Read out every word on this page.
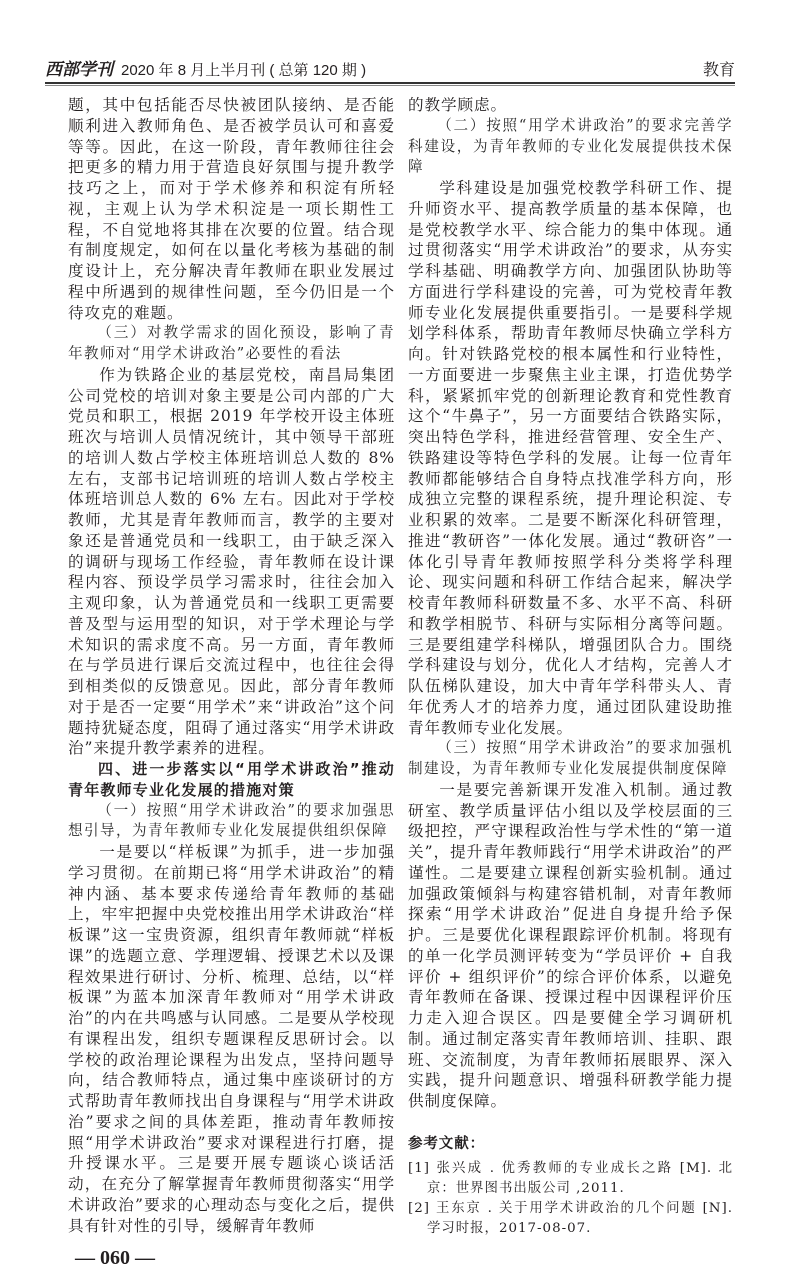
西部学刊 2020 年 8 月上半月刊 ( 总第 120 期 )	教育

题，其中包括能否尽快被团队接纳、是否能顺利进入教师角色、是否被学员认可和喜爱等等。因此，在这一阶段，青年教师往往会把更多的精力用于营造良好氛围与提升教学技巧之上，而对于学术修养和积淀有所轻视，主观上认为学术积淀是一项长期性工程，不自觉地将其排在次要的位置。结合现有制度规定，如何在以量化考核为基础的制度设计上，充分解决青年教师在职业发展过程中所遇到的规律性问题，至今仍旧是一个待攻克的难题。

（三）对教学需求的固化预设，影响了青年教师对“用学术讲政治”必要性的看法

作为铁路企业的基层党校，南昌局集团公司党校的培训对象主要是公司内部的广大党员和职工，根据 2019 年学校开设主体班班次与培训人员情况统计，其中领导干部班的培训人数占学校主体班培训总人数的 8% 左右，支部书记培训班的培训人数占学校主体班培训总人数的 6% 左右。因此对于学校教师，尤其是青年教师而言，教学的主要对象还是普通党员和一线职工，由于缺乏深入的调研与现场工作经验，青年教师在设计课程内容、预设学员学习需求时，往往会加入主观印象，认为普通党员和一线职工更需要普及型与运用型的知识，对于学术理论与学术知识的需求度不高。另一方面，青年教师在与学员进行课后交流过程中，也往往会得到相类似的反馈意见。因此，部分青年教师对于是否一定要“用学术”来“讲政治”这个问题持犹疑态度，阻碍了通过落实“用学术讲政治”来提升教学素养的进程。

四、进一步落实以“用学术讲政治”推动青年教师专业化发展的措施对策

（一）按照“用学术讲政治”的要求加强思想引导，为青年教师专业化发展提供组织保障

一是要以“样板课”为抓手，进一步加强学习贯彻。在前期已将“用学术讲政治”的精神内涵、基本要求传递给青年教师的基础上，牢牢把握中央党校推出用学术讲政治“样板课”这一宝贵资源，组织青年教师就“样板课”的选题立意、学理逻辑、授课艺术以及课程效果进行研讨、分析、梳理、总结，以“样板课”为蓝本加深青年教师对“用学术讲政治”的内在共鸣感与认同感。二是要从学校现有课程出发，组织专题课程反思研讨会。以学校的政治理论课程为出发点，坚持问题导向，结合教师特点，通过集中座谈研讨的方式帮助青年教师找出自身课程与“用学术讲政治”要求之间的具体差距，推动青年教师按照“用学术讲政治”要求对课程进行打磨，提升授课水平。三是要开展专题谈心谈话活动，在充分了解掌握青年教师贯彻落实“用学术讲政治”要求的心理动态与变化之后，提供具有针对性的引导，缓解青年教师

— 060 —

的教学顾虑。

（二）按照“用学术讲政治”的要求完善学科建设，为青年教师的专业化发展提供技术保障

学科建设是加强党校教学科研工作、提升师资水平、提高教学质量的基本保障，也是党校教学水平、综合能力的集中体现。通过贯彻落实“用学术讲政治”的要求，从夯实学科基础、明确教学方向、加强团队协助等方面进行学科建设的完善，可为党校青年教师专业化发展提供重要指引。一是要科学规划学科体系，帮助青年教师尽快确立学科方向。针对铁路党校的根本属性和行业特性，一方面要进一步聚焦主业主课，打造优势学科，紧紧抓牢党的创新理论教育和党性教育这个“牛鼻子”，另一方面要结合铁路实际，突出特色学科，推进经营管理、安全生产、铁路建设等特色学科的发展。让每一位青年教师都能够结合自身特点找准学科方向，形成独立完整的课程系统，提升理论积淀、专业积累的效率。二是要不断深化科研管理，推进“教研咨”一体化发展。通过“教研咨”一体化引导青年教师按照学科分类将学科理论、现实问题和科研工作结合起来，解决学校青年教师科研数量不多、水平不高、科研和教学相脱节、科研与实际相分离等问题。三是要组建学科梯队，增强团队合力。围绕学科建设与划分，优化人才结构，完善人才队伍梯队建设，加大中青年学科带头人、青年优秀人才的培养力度，通过团队建设助推青年教师专业化发展。

（三）按照“用学术讲政治”的要求加强机制建设，为青年教师专业化发展提供制度保障

一是要完善新课开发准入机制。通过教研室、教学质量评估小组以及学校层面的三级把控，严守课程政治性与学术性的“第一道关”，提升青年教师践行“用学术讲政治”的严谨性。二是要建立课程创新实验机制。通过加强政策倾斜与构建容错机制，对青年教师探索“用学术讲政治”促进自身提升给予保护。三是要优化课程跟踪评价机制。将现有的单一化学员测评转变为“学员评价 + 自我评价 + 组织评价”的综合评价体系，以避免青年教师在备课、授课过程中因课程评价压力走入迎合误区。四是要健全学习调研机制。通过制定落实青年教师培训、挂职、跟班、交流制度，为青年教师拓展眼界、深入实践，提升问题意识、增强科研教学能力提供制度保障。

参考文献：

[1] 张兴成 . 优秀教师的专业成长之路 [M]. 北京：世界图书出版公司 ,2011.

[2] 王东京 . 关于用学术讲政治的几个问题 [N]. 学习时报，2017-08-07.
